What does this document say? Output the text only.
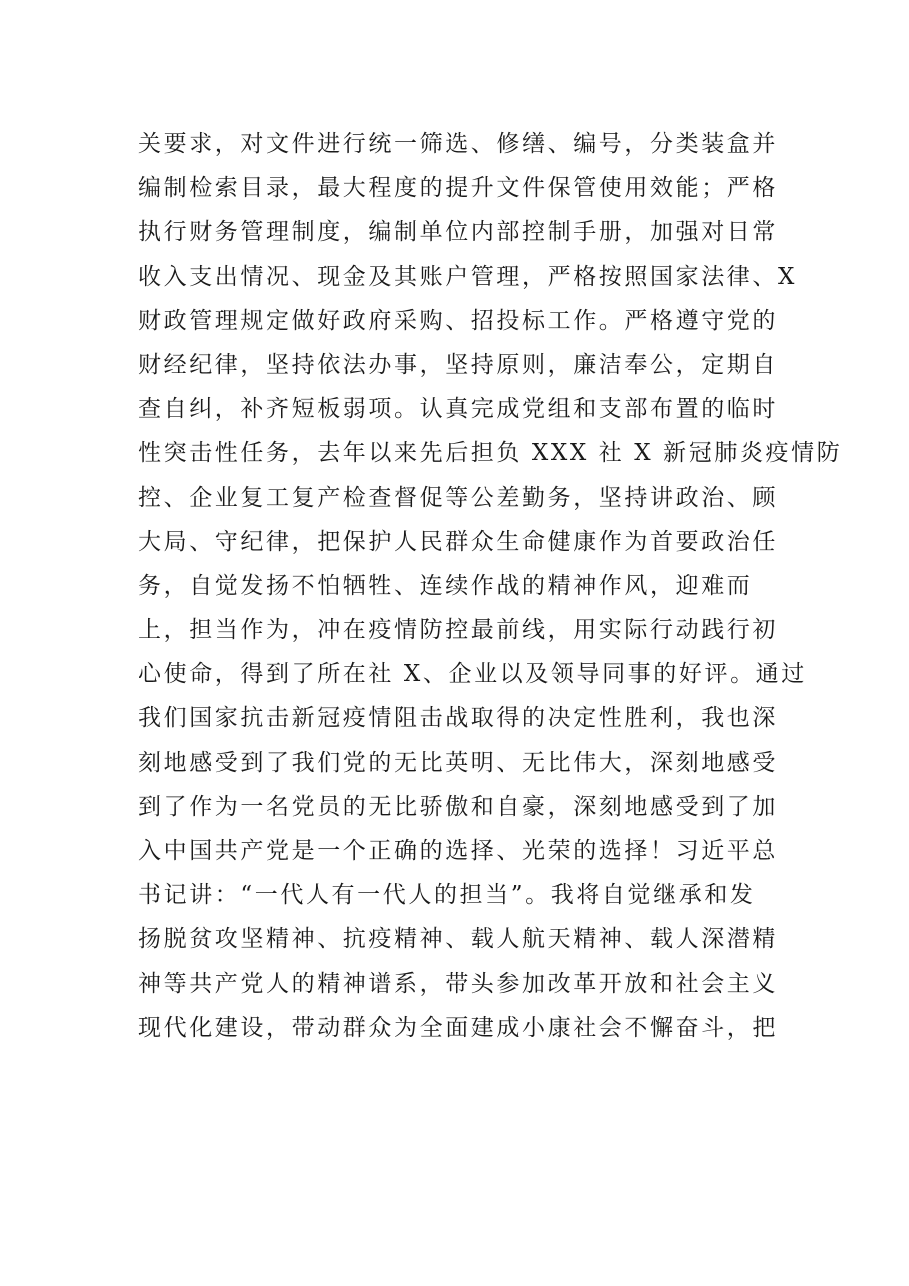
关要求，对文件进行统一筛选、修缮、编号，分类装盒并
编制检索目录，最大程度的提升文件保管使用效能；严格
执行财务管理制度，编制单位内部控制手册，加强对日常
收入支出情况、现金及其账户管理，严格按照国家法律、X
财政管理规定做好政府采购、招投标工作。严格遵守党的
财经纪律，坚持依法办事，坚持原则，廉洁奉公，定期自
查自纠，补齐短板弱项。认真完成党组和支部布置的临时
性突击性任务，去年以来先后担负 XXX 社 X 新冠肺炎疫情防
控、企业复工复产检查督促等公差勤务，坚持讲政治、顾
大局、守纪律，把保护人民群众生命健康作为首要政治任
务，自觉发扬不怕牺牲、连续作战的精神作风，迎难而
上，担当作为，冲在疫情防控最前线，用实际行动践行初
心使命，得到了所在社 X、企业以及领导同事的好评。通过
我们国家抗击新冠疫情阻击战取得的决定性胜利，我也深
刻地感受到了我们党的无比英明、无比伟大，深刻地感受
到了作为一名党员的无比骄傲和自豪，深刻地感受到了加
入中国共产党是一个正确的选择、光荣的选择！习近平总
书记讲：“一代人有一代人的担当”。我将自觉继承和发
扬脱贫攻坚精神、抗疫精神、载人航天精神、载人深潜精
神等共产党人的精神谱系，带头参加改革开放和社会主义
现代化建设，带动群众为全面建成小康社会不懈奋斗，把
